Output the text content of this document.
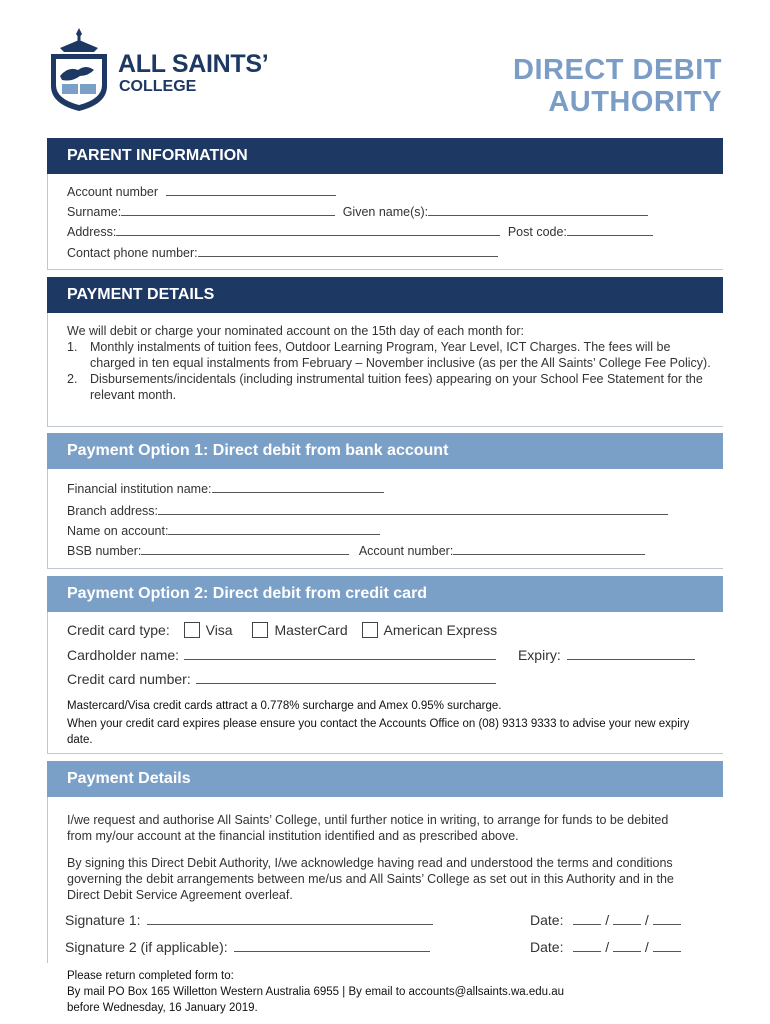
ALL SAINTS’
COLLEGE
DIRECT DEBIT
AUTHORITY
PARENT INFORMATION
Account number
Surname:	Given name(s):
Address:	Post code:
Contact phone number:
PAYMENT DETAILS
We will debit or charge your nominated account on the 15th day of each month for:
1. Monthly instalments of tuition fees, Outdoor Learning Program, Year Level, ICT Charges. The fees will be charged in ten equal instalments from February – November inclusive (as per the All Saints’ College Fee Policy).
2. Disbursements/incidentals (including instrumental tuition fees) appearing on your School Fee Statement for the relevant month.
Payment Option 1: Direct debit from bank account
Financial institution name:
Branch address:
Name on account:
BSB number:	Account number:
Payment Option 2: Direct debit from credit card
Credit card type:	Visa	MasterCard	American Express
Cardholder name:	Expiry:
Credit card number:
Mastercard/Visa credit cards attract a 0.778% surcharge and Amex 0.95% surcharge.
When your credit card expires please ensure you contact the Accounts Office on (08) 9313 9333 to advise your new expiry date.
Payment Details
I/we request and authorise All Saints’ College, until further notice in writing, to arrange for funds to be debited from my/our account at the financial institution identified and as prescribed above.
By signing this Direct Debit Authority, I/we acknowledge having read and understood the terms and conditions governing the debit arrangements between me/us and All Saints’ College as set out in this Authority and in the Direct Debit Service Agreement overleaf.
Signature 1:	Date:	/	/
Signature 2 (if applicable):	Date:	/	/
Please return completed form to:
By mail PO Box 165 Willetton Western Australia 6955 | By email to accounts@allsaints.wa.edu.au
before Wednesday, 16 January 2019.
